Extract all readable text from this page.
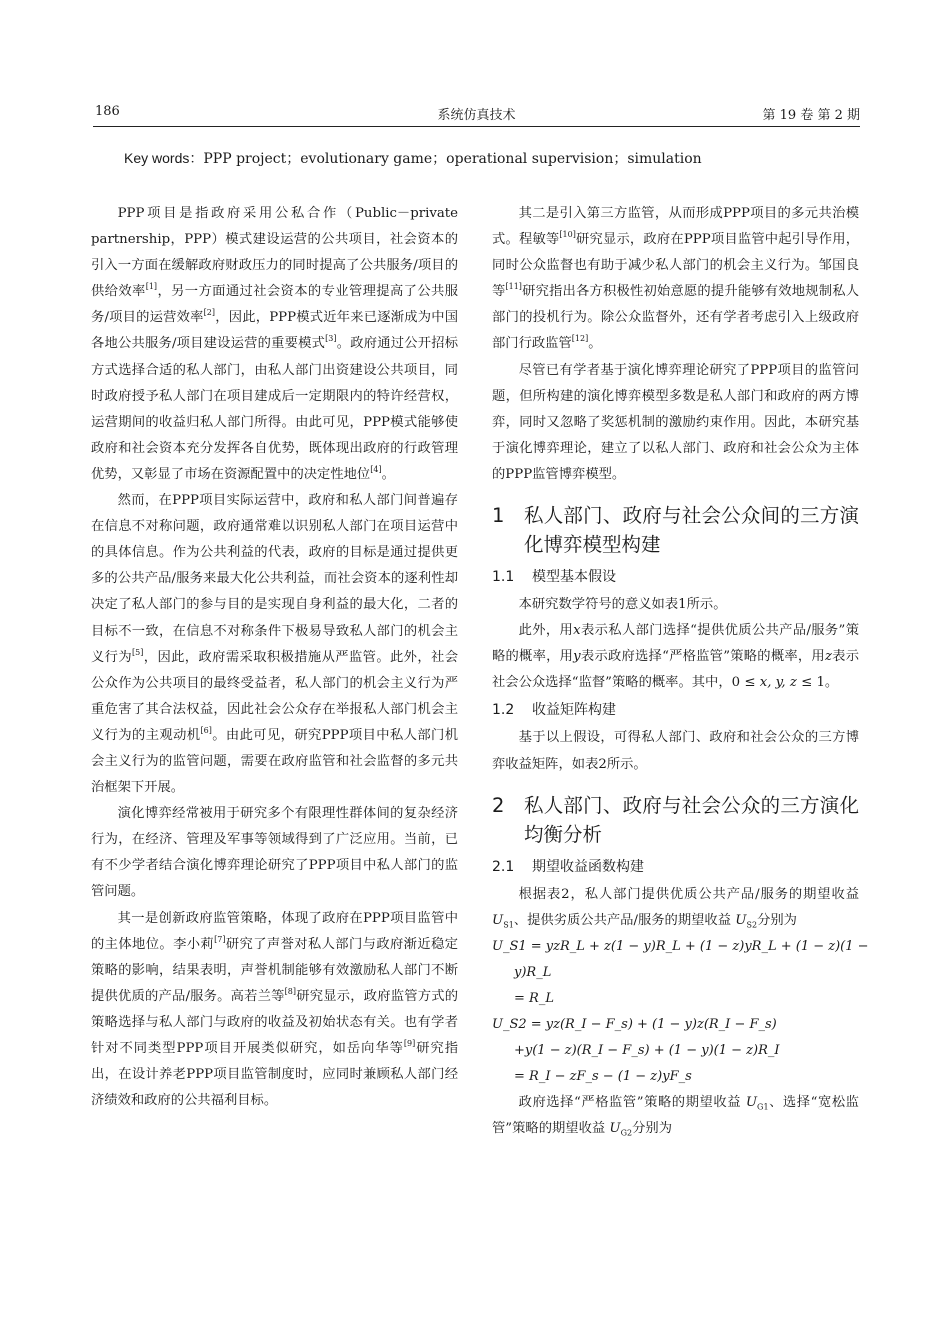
186	系统仿真技术	第 19 卷 第 2 期
Key words：PPP project；evolutionary game；operational supervision；simulation

PPP项目是指政府采用公私合作（Public－private partnership，PPP）模式建设运营的公共项目，社会资本的引入一方面在缓解政府财政压力的同时提高了公共服务/项目的供给效率[1]，另一方面通过社会资本的专业管理提高了公共服务/项目的运营效率[2]，因此，PPP模式近年来已逐渐成为中国各地公共服务/项目建设运营的重要模式[3]。政府通过公开招标方式选择合适的私人部门，由私人部门出资建设公共项目，同时政府授予私人部门在项目建成后一定期限内的特许经营权，运营期间的收益归私人部门所得。由此可见，PPP模式能够使政府和社会资本充分发挥各自优势，既体现出政府的行政管理优势，又彰显了市场在资源配置中的决定性地位[4]。

然而，在PPP项目实际运营中，政府和私人部门间普遍存在信息不对称问题，政府通常难以识别私人部门在项目运营中的具体信息。作为公共利益的代表，政府的目标是通过提供更多的公共产品/服务来最大化公共利益，而社会资本的逐利性却决定了私人部门的参与目的是实现自身利益的最大化，二者的目标不一致，在信息不对称条件下极易导致私人部门的机会主义行为[5]，因此，政府需采取积极措施从严监管。此外，社会公众作为公共项目的最终受益者，私人部门的机会主义行为严重危害了其合法权益，因此社会公众存在举报私人部门机会主义行为的主观动机[6]。由此可见，研究PPP项目中私人部门机会主义行为的监管问题，需要在政府监管和社会监督的多元共治框架下开展。

演化博弈经常被用于研究多个有限理性群体间的复杂经济行为，在经济、管理及军事等领域得到了广泛应用。当前，已有不少学者结合演化博弈理论研究了PPP项目中私人部门的监管问题。

其一是创新政府监管策略，体现了政府在PPP项目监管中的主体地位。李小莉[7]研究了声誉对私人部门与政府渐近稳定策略的影响，结果表明，声誉机制能够有效激励私人部门不断提供优质的产品/服务。高若兰等[8]研究显示，政府监管方式的策略选择与私人部门与政府的收益及初始状态有关。也有学者针对不同类型PPP项目开展类似研究，如岳向华等[9]研究指出，在设计养老PPP项目监管制度时，应同时兼顾私人部门经济绩效和政府的公共福利目标。

其二是引入第三方监管，从而形成PPP项目的多元共治模式。程敏等[10]研究显示，政府在PPP项目监管中起引导作用，同时公众监督也有助于减少私人部门的机会主义行为。邹国良等[11]研究指出各方积极性初始意愿的提升能够有效地规制私人部门的投机行为。除公众监督外，还有学者考虑引入上级政府部门行政监管[12]。

尽管已有学者基于演化博弈理论研究了PPP项目的监管问题，但所构建的演化博弈模型多数是私人部门和政府的两方博弈，同时又忽略了奖惩机制的激励约束作用。因此，本研究基于演化博弈理论，建立了以私人部门、政府和社会公众为主体的PPP监管博弈模型。

1 私人部门、政府与社会公众间的三方演化博弈模型构建
1.1 模型基本假设

本研究数学符号的意义如表1所示。

此外，用x表示私人部门选择“提供优质公共产品/服务”策略的概率，用y表示政府选择“严格监管”策略的概率，用z表示社会公众选择“监督”策略的概率。其中，0 ≤ x, y, z ≤ 1。

1.2 收益矩阵构建

基于以上假设，可得私人部门、政府和社会公众的三方博弈收益矩阵，如表2所示。

2 私人部门、政府与社会公众的三方演化均衡分析
2.1 期望收益函数构建

根据表2，私人部门提供优质公共产品/服务的期望收益 $U_{S1}$、提供劣质公共产品/服务的期望收益 $U_{S2}$分别为

U_S1 = yzR_L + z(1 − y)R_L + (1 − z)yR_L + (1 − z)(1 −
y)R_L
= R_L
U_S2 = yz(R_I − F_s) + (1 − y)z(R_I − F_s)
+y(1 − z)(R_I − F_s) + (1 − y)(1 − z)R_I
= R_I − zF_s − (1 − z)yF_s

政府选择“严格监管”策略的期望收益 $U_{G1}$、选择“宽松监管”策略的期望收益 $U_{G2}$分别为
